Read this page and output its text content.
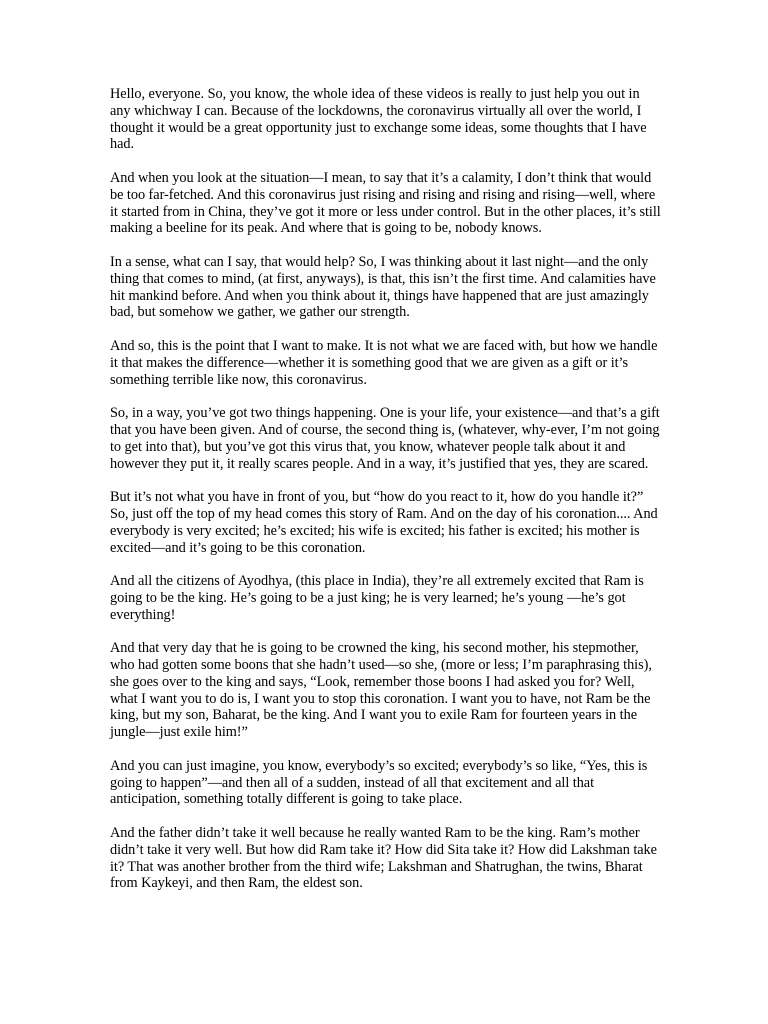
Hello, everyone. So, you know, the whole idea of these videos is really to just help you out in any whichway I can. Because of the lockdowns, the coronavirus virtually all over the world, I thought it would be a great opportunity just to exchange some ideas, some thoughts that I have had.

And when you look at the situation—I mean, to say that it’s a calamity, I don’t think that would be too far-fetched. And this coronavirus just rising and rising and rising and rising—well, where it started from in China, they’ve got it more or less under control. But in the other places, it’s still making a beeline for its peak. And where that is going to be, nobody knows.

In a sense, what can I say, that would help? So, I was thinking about it last night—and the only thing that comes to mind, (at first, anyways), is that, this isn’t the first time. And calamities have hit mankind before. And when you think about it, things have happened that are just amazingly bad, but somehow we gather, we gather our strength.

And so, this is the point that I want to make. It is not what we are faced with, but how we handle it that makes the difference—whether it is something good that we are given as a gift or it’s something terrible like now, this coronavirus.

So, in a way, you’ve got two things happening. One is your life, your existence—and that’s a gift that you have been given. And of course, the second thing is, (whatever, why-ever, I’m not going to get into that), but you’ve got this virus that, you know, whatever people talk about it and however they put it, it really scares people. And in a way, it’s justified that yes, they are scared.

But it’s not what you have in front of you, but “how do you react to it, how do you handle it?” So, just off the top of my head comes this story of Ram. And on the day of his coronation.... And everybody is very excited; he’s excited; his wife is excited; his father is excited; his mother is excited—and it’s going to be this coronation.

And all the citizens of Ayodhya, (this place in India), they’re all extremely excited that Ram is going to be the king. He’s going to be a just king; he is very learned; he’s young —he’s got everything!

And that very day that he is going to be crowned the king, his second mother, his stepmother, who had gotten some boons that she hadn’t used—so she, (more or less; I’m paraphrasing this), she goes over to the king and says, “Look, remember those boons I had asked you for? Well, what I want you to do is, I want you to stop this coronation. I want you to have, not Ram be the king, but my son, Baharat, be the king. And I want you to exile Ram for fourteen years in the jungle—just exile him!”

And you can just imagine, you know, everybody’s so excited; everybody’s so like, “Yes, this is going to happen”—and then all of a sudden, instead of all that excitement and all that anticipation, something totally different is going to take place.

And the father didn’t take it well because he really wanted Ram to be the king. Ram’s mother didn’t take it very well. But how did Ram take it? How did Sita take it? How did Lakshman take it? That was another brother from the third wife; Lakshman and Shatrughan, the twins, Bharat from Kaykeyi, and then Ram, the eldest son.
